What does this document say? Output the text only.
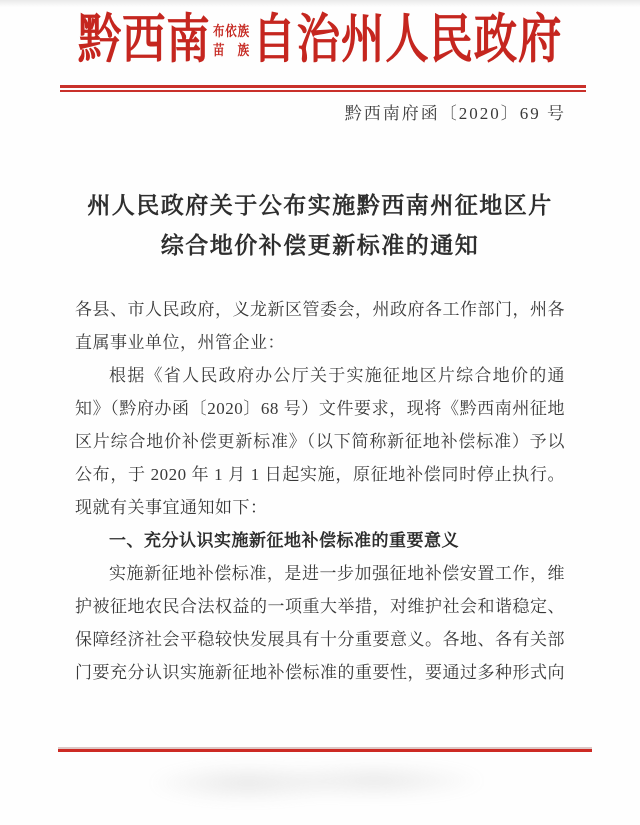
黔西南 布依族
苗　族 自治州人民政府
黔西南府函〔2020〕69 号
州人民政府关于公布实施黔西南州征地区片
综合地价补偿更新标准的通知

各县、市人民政府，义龙新区管委会，州政府各工作部门，州各直属事业单位，州管企业：

根据《省人民政府办公厅关于实施征地区片综合地价的通知》（黔府办函〔2020〕68 号）文件要求，现将《黔西南州征地区片综合地价补偿更新标准》（以下简称新征地补偿标准）予以公布，于 2020 年 1 月 1 日起实施，原征地补偿同时停止执行。现就有关事宜通知如下：

一、充分认识实施新征地补偿标准的重要意义

实施新征地补偿标准，是进一步加强征地补偿安置工作，维护被征地农民合法权益的一项重大举措，对维护社会和谐稳定、保障经济社会平稳较快发展具有十分重要意义。各地、各有关部门要充分认识实施新征地补偿标准的重要性，要通过多种形式向
